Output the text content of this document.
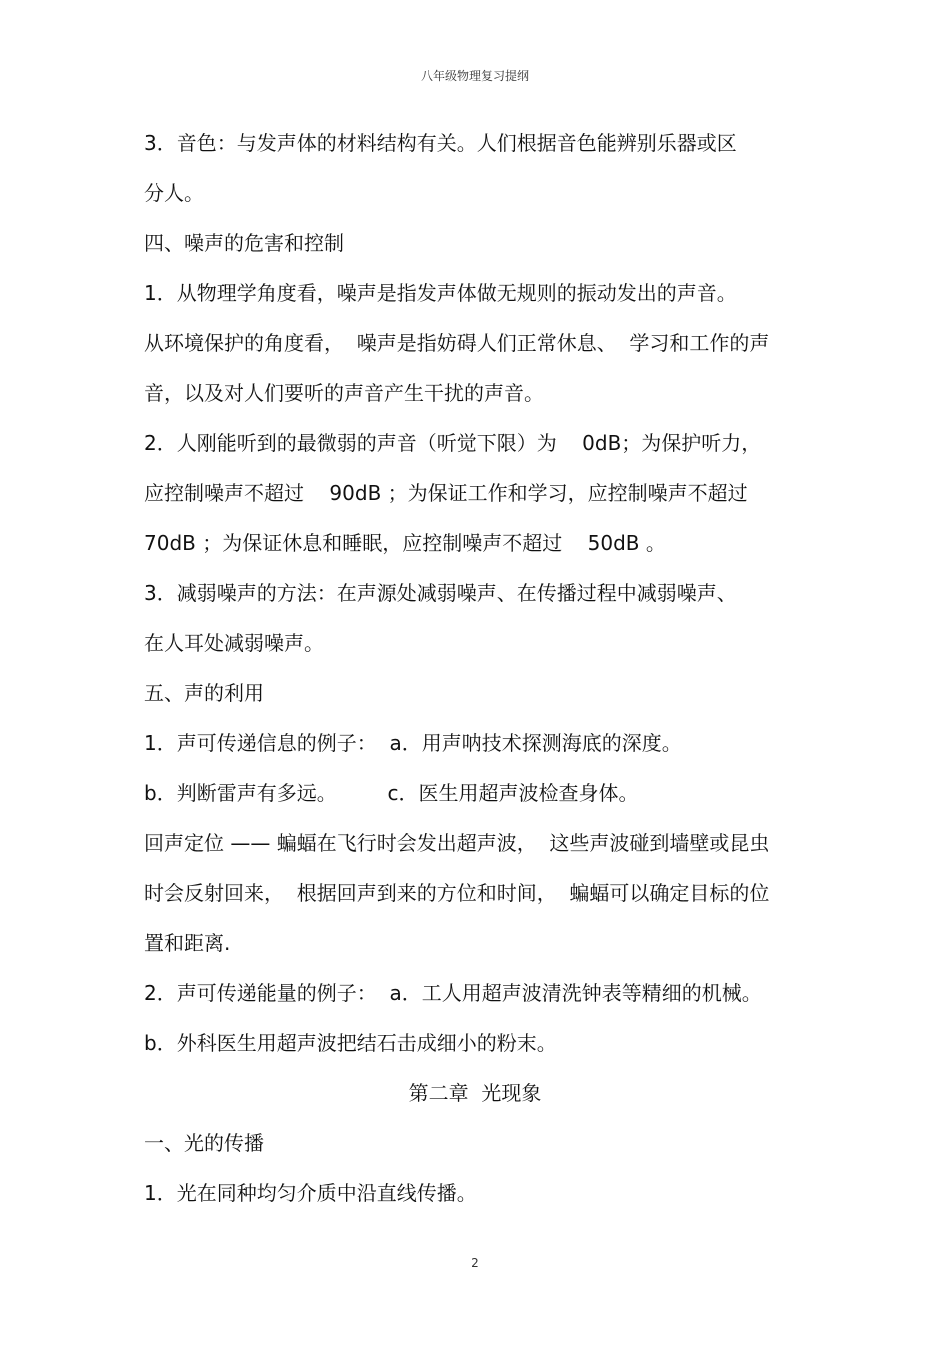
八年级物理复习提纲
3．音色：与发声体的材料结构有关。人们根据音色能辨别乐器或区
分人。
四、噪声的危害和控制
1．从物理学角度看，噪声是指发声体做无规则的振动发出的声音。
从环境保护的角度看，  噪声是指妨碍人们正常休息、  学习和工作的声
音，以及对人们要听的声音产生干扰的声音。
2．人刚能听到的最微弱的声音（听觉下限）为    0dB；为保护听力，
应控制噪声不超过    90dB ；为保证工作和学习，应控制噪声不超过
70dB ；为保证休息和睡眠，应控制噪声不超过    50dB 。
3．减弱噪声的方法：在声源处减弱噪声、在传播过程中减弱噪声、
在人耳处减弱噪声。
五、声的利用
1．声可传递信息的例子：  a．用声呐技术探测海底的深度。
b．判断雷声有多远。        c．医生用超声波检查身体。
回声定位 —— 蝙蝠在飞行时会发出超声波，  这些声波碰到墙壁或昆虫
时会反射回来，  根据回声到来的方位和时间，  蝙蝠可以确定目标的位
置和距离.
2．声可传递能量的例子：  a．工人用超声波清洗钟表等精细的机械。
b．外科医生用超声波把结石击成细小的粉末。
第二章  光现象
一、光的传播
1．光在同种均匀介质中沿直线传播。
2
